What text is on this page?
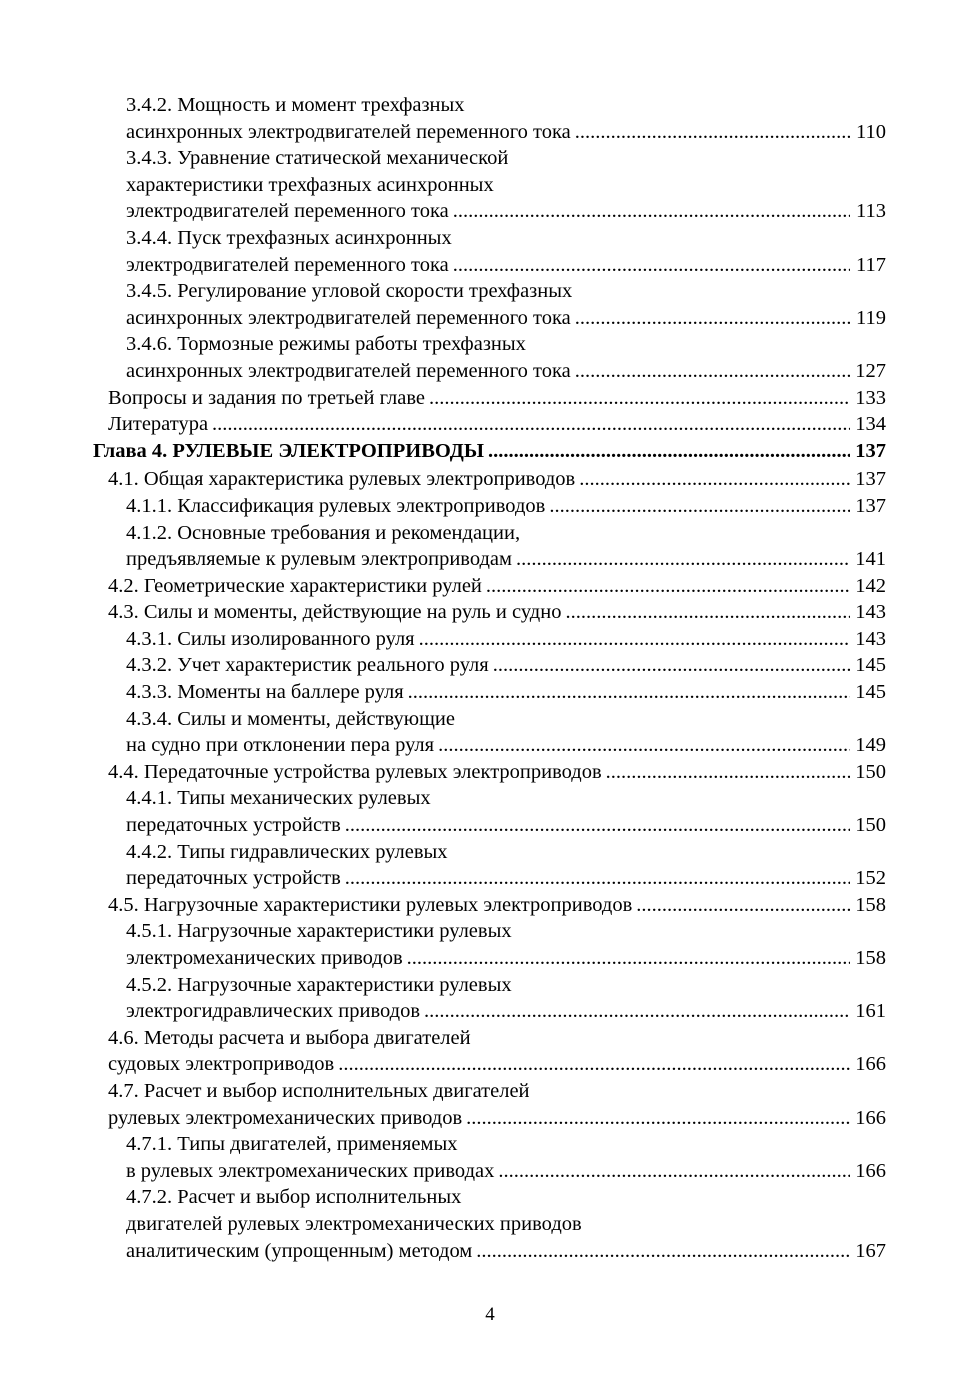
3.4.2. Мощность и момент трехфазных
асинхронных электродвигателей переменного тока .....	110
3.4.3. Уравнение статической механической
характеристики трехфазных асинхронных
электродвигателей переменного тока .....	113
3.4.4. Пуск трехфазных асинхронных
электродвигателей переменного тока .....	117
3.4.5. Регулирование угловой скорости трехфазных
асинхронных электродвигателей переменного тока .....	119
3.4.6. Тормозные режимы работы трехфазных
асинхронных электродвигателей переменного тока .....	127
Вопросы и задания по третьей главе .....	133
Литература .....	134
Глава 4. РУЛЕВЫЕ ЭЛЕКТРОПРИВОДЫ .....	137
4.1. Общая характеристика рулевых электроприводов .....	137
4.1.1. Классификация рулевых электроприводов .....	137
4.1.2. Основные требования и рекомендации,
предъявляемые к рулевым электроприводам .....	141
4.2. Геометрические характеристики рулей .....	142
4.3. Силы и моменты, действующие на руль и судно .....	143
4.3.1. Силы изолированного руля .....	143
4.3.2. Учет характеристик реального руля .....	145
4.3.3. Моменты на баллере руля .....	145
4.3.4. Силы и моменты, действующие
на судно при отклонении пера руля .....	149
4.4. Передаточные устройства рулевых электроприводов .....	150
4.4.1. Типы механических рулевых
передаточных устройств .....	150
4.4.2. Типы гидравлических рулевых
передаточных устройств .....	152
4.5. Нагрузочные характеристики рулевых электроприводов .....	158
4.5.1. Нагрузочные характеристики рулевых
электромеханических приводов .....	158
4.5.2. Нагрузочные характеристики рулевых
электрогидравлических приводов .....	161
4.6. Методы расчета и выбора двигателей
судовых электроприводов .....	166
4.7. Расчет и выбор исполнительных двигателей
рулевых электромеханических приводов .....	166
4.7.1. Типы двигателей, применяемых
в рулевых электромеханических приводах .....	166
4.7.2. Расчет и выбор исполнительных
двигателей рулевых электромеханических приводов
аналитическим (упрощенным) методом .....	167
4
